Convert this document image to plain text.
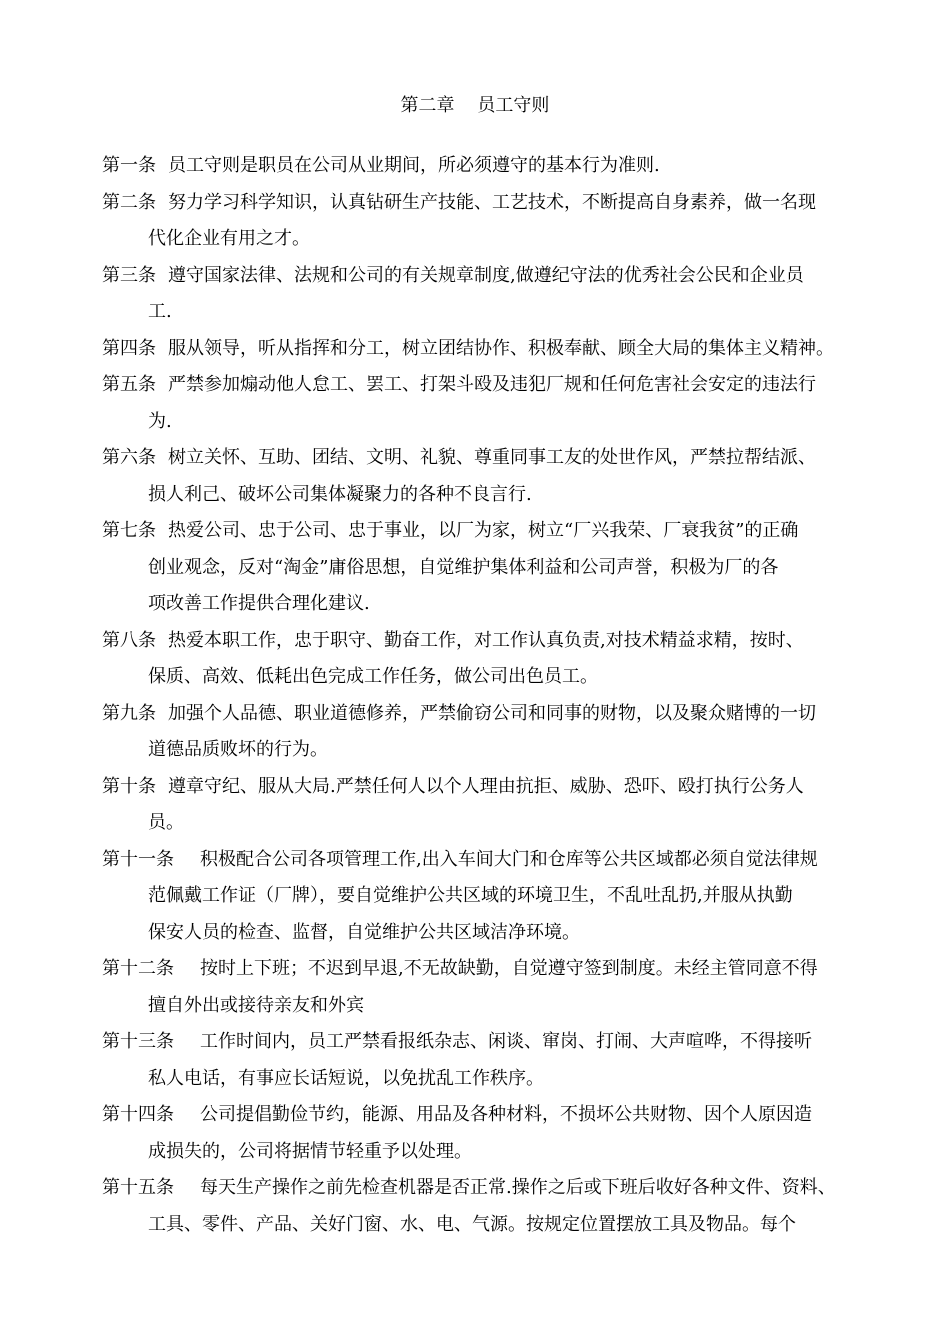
第二章    员工守则
第一条 员工守则是职员在公司从业期间，所必须遵守的基本行为准则.
第二条 努力学习科学知识，认真钻研生产技能、工艺技术，不断提高自身素养，做一名现
代化企业有用之才。
第三条 遵守国家法律、法规和公司的有关规章制度,做遵纪守法的优秀社会公民和企业员
工.
第四条 服从领导，听从指挥和分工，树立团结协作、积极奉献、顾全大局的集体主义精神。
第五条 严禁参加煽动他人怠工、罢工、打架斗殴及违犯厂规和任何危害社会安定的违法行
为.
第六条 树立关怀、互助、团结、文明、礼貌、尊重同事工友的处世作风，严禁拉帮结派、
损人利己、破坏公司集体凝聚力的各种不良言行.
第七条 热爱公司、忠于公司、忠于事业，以厂为家，树立“厂兴我荣、厂衰我贫”的正确
创业观念，反对“淘金”庸俗思想，自觉维护集体利益和公司声誉，积极为厂的各
项改善工作提供合理化建议.
第八条 热爱本职工作，忠于职守、勤奋工作，对工作认真负责,对技术精益求精，按时、
保质、高效、低耗出色完成工作任务，做公司出色员工。
第九条 加强个人品德、职业道德修养，严禁偷窃公司和同事的财物，以及聚众赌博的一切
道德品质败坏的行为。
第十条 遵章守纪、服从大局.严禁任何人以个人理由抗拒、威胁、恐吓、殴打执行公务人
员。
第十一条	积极配合公司各项管理工作,出入车间大门和仓库等公共区域都必须自觉法律规
范佩戴工作证（厂牌），要自觉维护公共区域的环境卫生，不乱吐乱扔,并服从执勤
保安人员的检查、监督，自觉维护公共区域洁净环境。
第十二条	按时上下班；不迟到早退,不无故缺勤，自觉遵守签到制度。未经主管同意不得
擅自外出或接待亲友和外宾
第十三条	工作时间内，员工严禁看报纸杂志、闲谈、窜岗、打闹、大声喧哗，不得接听
私人电话，有事应长话短说，以免扰乱工作秩序。
第十四条	公司提倡勤俭节约，能源、用品及各种材料，不损坏公共财物、因个人原因造
成损失的，公司将据情节轻重予以处理。
第十五条	每天生产操作之前先检查机器是否正常.操作之后或下班后收好各种文件、资料、
工具、零件、产品、关好门窗、水、电、气源。按规定位置摆放工具及物品。每个
